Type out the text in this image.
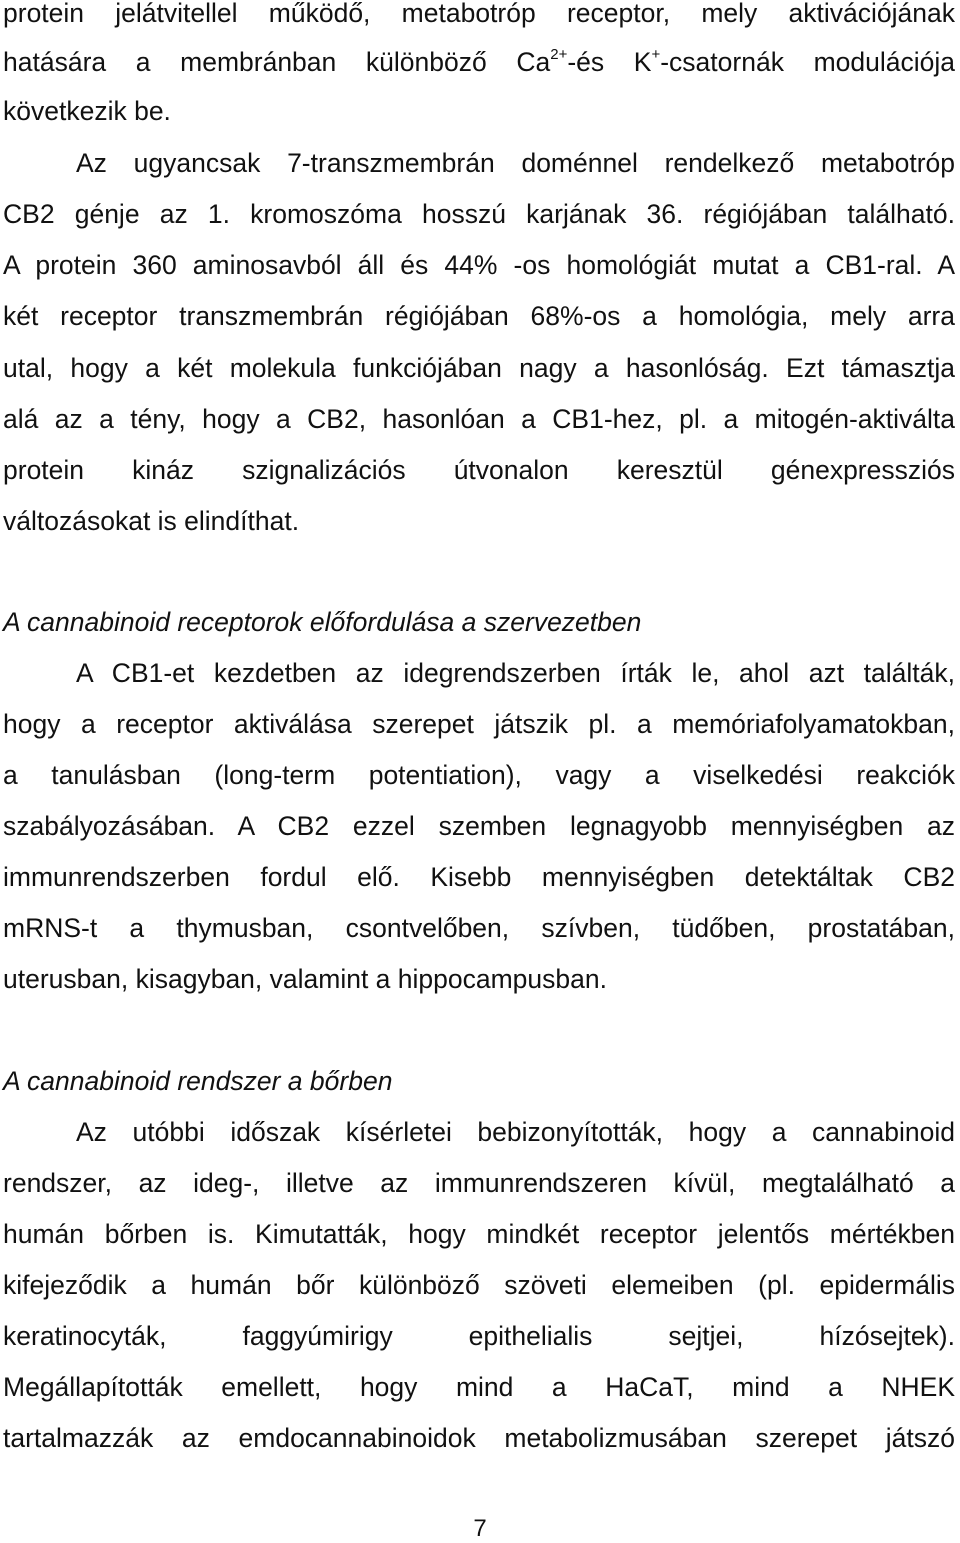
protein jelátvitellel működő, metabotróp receptor, mely aktivációjának
hatására a membránban különböző $Ca^{2+}-és$ K+-csatornák modulációja
következik be.
Az ugyancsak 7-transzmembrán doménnel rendelkező metabotróp
CB2 génje az 1. kromoszóma hosszú karjának 36. régiójában található.
A protein 360 aminosavból áll és 44% -os homológiát mutat a CB1-ral. A
két receptor transzmembrán régiójában 68%-os a homológia, mely arra
utal, hogy a két molekula funkciójában nagy a hasonlóság. Ezt támasztja
alá az a tény, hogy a CB2, hasonlóan a CB1-hez, pl. a mitogén-aktiválta
protein kináz szignalizációs útvonalon keresztül génexpressziós
változásokat is elindíthat.
A cannabinoid receptorok előfordulása a szervezetben
A CB1-et kezdetben az idegrendszerben írták le, ahol azt találták,
hogy a receptor aktiválása szerepet játszik pl. a memóriafolyamatokban,
a tanulásban (long-term potentiation), vagy a viselkedési reakciók
szabályozásában. A CB2 ezzel szemben legnagyobb mennyiségben az
immunrendszerben fordul elő. Kisebb mennyiségben detektáltak CB2
mRNS-t a thymusban, csontvelőben, szívben, tüdőben, prostatában,
uterusban, kisagyban, valamint a hippocampusban.
A cannabinoid rendszer a bőrben
Az utóbbi időszak kísérletei bebizonyították, hogy a cannabinoid
rendszer, az ideg-, illetve az immunrendszeren kívül, megtalálható a
humán bőrben is. Kimutatták, hogy mindkét receptor jelentős mértékben
kifejeződik a humán bőr különböző szöveti elemeiben (pl. epidermális
keratinocyták, faggyúmirigy epithelialis sejtjei, hízósejtek).
Megállapították emellett, hogy mind a HaCaT, mind a NHEK
tartalmazzák az emdocannabinoidok metabolizmusában szerepet játszó
7
